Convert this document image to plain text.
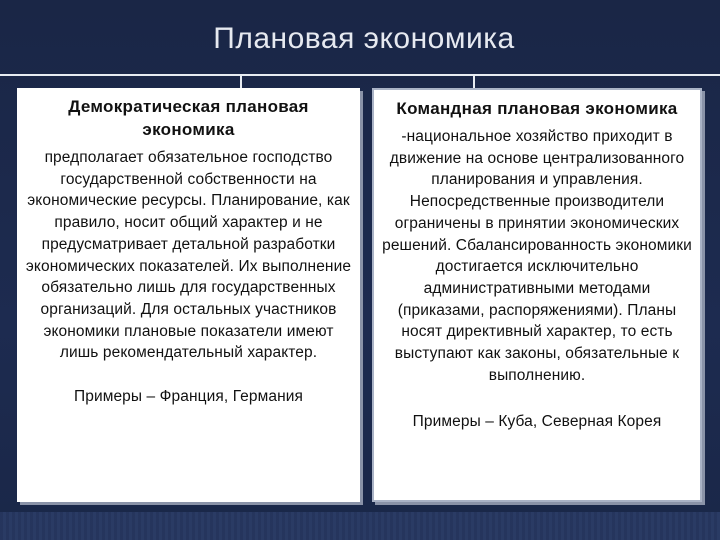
Плановая экономика
Демократическая плановая экономика
предполагает обязательное господство государственной собственности на экономические ресурсы. Планирование, как правило, носит общий характер и не предусматривает детальной разработки экономических показателей. Их выполнение обязательно лишь для государственных организаций. Для остальных участников экономики плановые показатели имеют лишь рекомендательный характер.
Примеры – Франция, Германия
Командная плановая экономика
-национальное хозяйство приходит в движение на основе централизованного планирования и управления. Непосредственные производители ограничены в принятии экономических решений. Сбалансированность экономики достигается исключительно административными методами (приказами, распоряжениями). Планы носят директивный характер, то есть выступают как законы, обязательные к выполнению.
Примеры – Куба, Северная Корея
